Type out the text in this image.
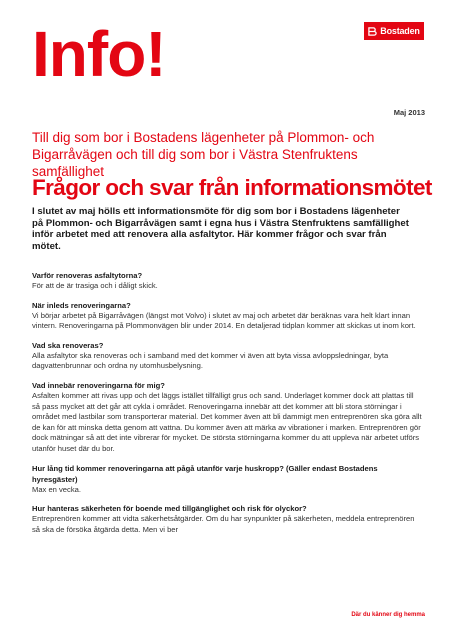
Info!	Bostaden
Maj 2013
Till dig som bor i Bostadens lägenheter på Plommon- och Bigarråvägen och till dig som bor i Västra Stenfruktens samfällighet
Frågor och svar från informationsmötet
I slutet av maj hölls ett informationsmöte för dig som bor i Bostadens lägenheter på Plommon- och Bigarråvägen samt i egna hus i Västra Stenfruktens samfällighet inför arbetet med att renovera alla asfaltytor. Här kommer frågor och svar från mötet.
Varför renoveras asfaltytorna?
För att de är trasiga och i dåligt skick.
När inleds renoveringarna?
Vi börjar arbetet på Bigarråvägen (längst mot Volvo) i slutet av maj och arbetet där beräknas vara helt klart innan vintern. Renoveringarna på Plommonvägen blir under 2014. En detaljerad tidplan kommer att skickas ut inom kort.
Vad ska renoveras?
Alla asfaltytor ska renoveras och i samband med det kommer vi även att byta vissa avloppsledningar, byta dagvattenbrunnar och ordna ny utomhusbelysning.
Vad innebär renoveringarna för mig?
Asfalten kommer att rivas upp och det läggs istället tillfälligt grus och sand. Underlaget kommer dock att plattas till så pass mycket att det går att cykla i området. Renoveringarna innebär att det kommer att bli stora störningar i området med lastbilar som transporterar material. Det kommer även att bli dammigt men entreprenören ska göra allt de kan för att minska detta genom att vattna. Du kommer även att märka av vibrationer i marken. Entreprenören gör dock mätningar så att det inte vibrerar för mycket. De största störningarna kommer du att uppleva när arbetet utförs utanför huset där du bor.
Hur lång tid kommer renoveringarna att pågå utanför varje huskropp? (Gäller endast Bostadens hyresgäster)
Max en vecka.
Hur hanteras säkerheten för boende med tillgänglighet och risk för olyckor?
Entreprenören kommer att vidta säkerhetsåtgärder. Om du har synpunkter på säkerheten, meddela entreprenören så ska de försöka åtgärda detta. Men vi ber
Där du känner dig hemma
